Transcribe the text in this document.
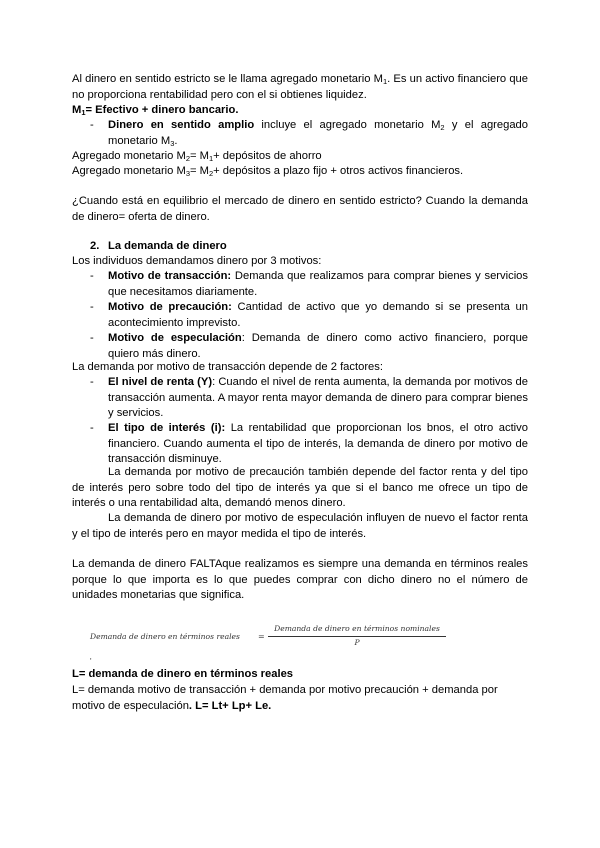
Al dinero en sentido estricto se le llama agregado monetario $M_1$. Es un activo financiero que no proporciona rentabilidad pero con el si obtienes liquidez.

$M_1=$ Efectivo + dinero bancario.

-	Dinero en sentido amplio incluye el agregado monetario $M_2$ y el agregado monetario $M_3$.

Agregado monetario $M_2= M_1+$ depósitos de ahorro

Agregado monetario $M_3= M_2+$ depósitos a plazo fijo + otros activos financieros.

¿Cuando está en equilibrio el mercado de dinero en sentido estricto? Cuando la demanda de dinero= oferta de dinero.

2. La demanda de dinero

Los individuos demandamos dinero por 3 motivos:

-	Motivo de transacción: Demanda que realizamos para comprar bienes y servicios que necesitamos diariamente.
-	Motivo de precaución: Cantidad de activo que yo demando si se presenta un acontecimiento imprevisto.
-	Motivo de especulación: Demanda de dinero como activo financiero, porque quiero más dinero.

La demanda por motivo de transacción depende de 2 factores:

-	El nivel de renta (Y): Cuando el nivel de renta aumenta, la demanda por motivos de transacción aumenta. A mayor renta mayor demanda de dinero para comprar bienes y servicios.
-	El tipo de interés (i): La rentabilidad que proporcionan los bnos, el otro activo financiero. Cuando aumenta el tipo de interés, la demanda de dinero por motivo de transacción disminuye.

La demanda por motivo de precaución también depende del factor renta y del tipo de interés pero sobre todo del tipo de interés ya que si el banco me ofrece un tipo de interés o una rentabilidad alta, demandó menos dinero.

La demanda de dinero por motivo de especulación influyen de nuevo el factor renta y el tipo de interés pero en mayor medida el tipo de interés.

La demanda de dinero FALTAque realizamos es siempre una demanda en términos reales porque lo que importa es lo que puedes comprar con dicho dinero no el número de unidades monetarias que significa.

Demanda de dinero en términos reales =
Demanda de dinero en términos nominales
P
'

L= demanda de dinero en términos reales

L= demanda motivo de transacción + demanda por motivo precaución + demanda por motivo de especulación. L= Lt+ Lp+ Le.
